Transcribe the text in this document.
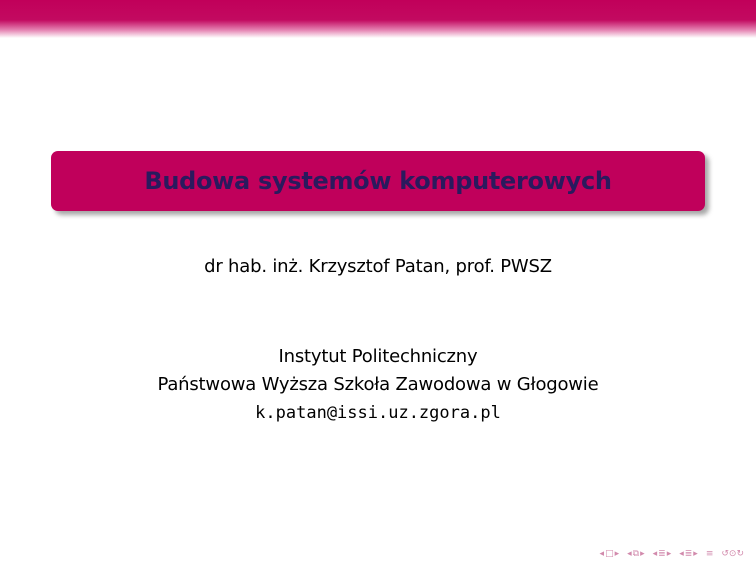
Budowa systemów komputerowych
dr hab. inż. Krzysztof Patan, prof. PWSZ
Instytut Politechniczny
Państwowa Wyższa Szkoła Zawodowa w Głogowie
k.patan@issi.uz.zgora.pl
◂ □ ▸ ◂ ⧉ ▸ ◂ ≣ ▸ ◂ ≣ ▸ ≡ ↺⊙↻
